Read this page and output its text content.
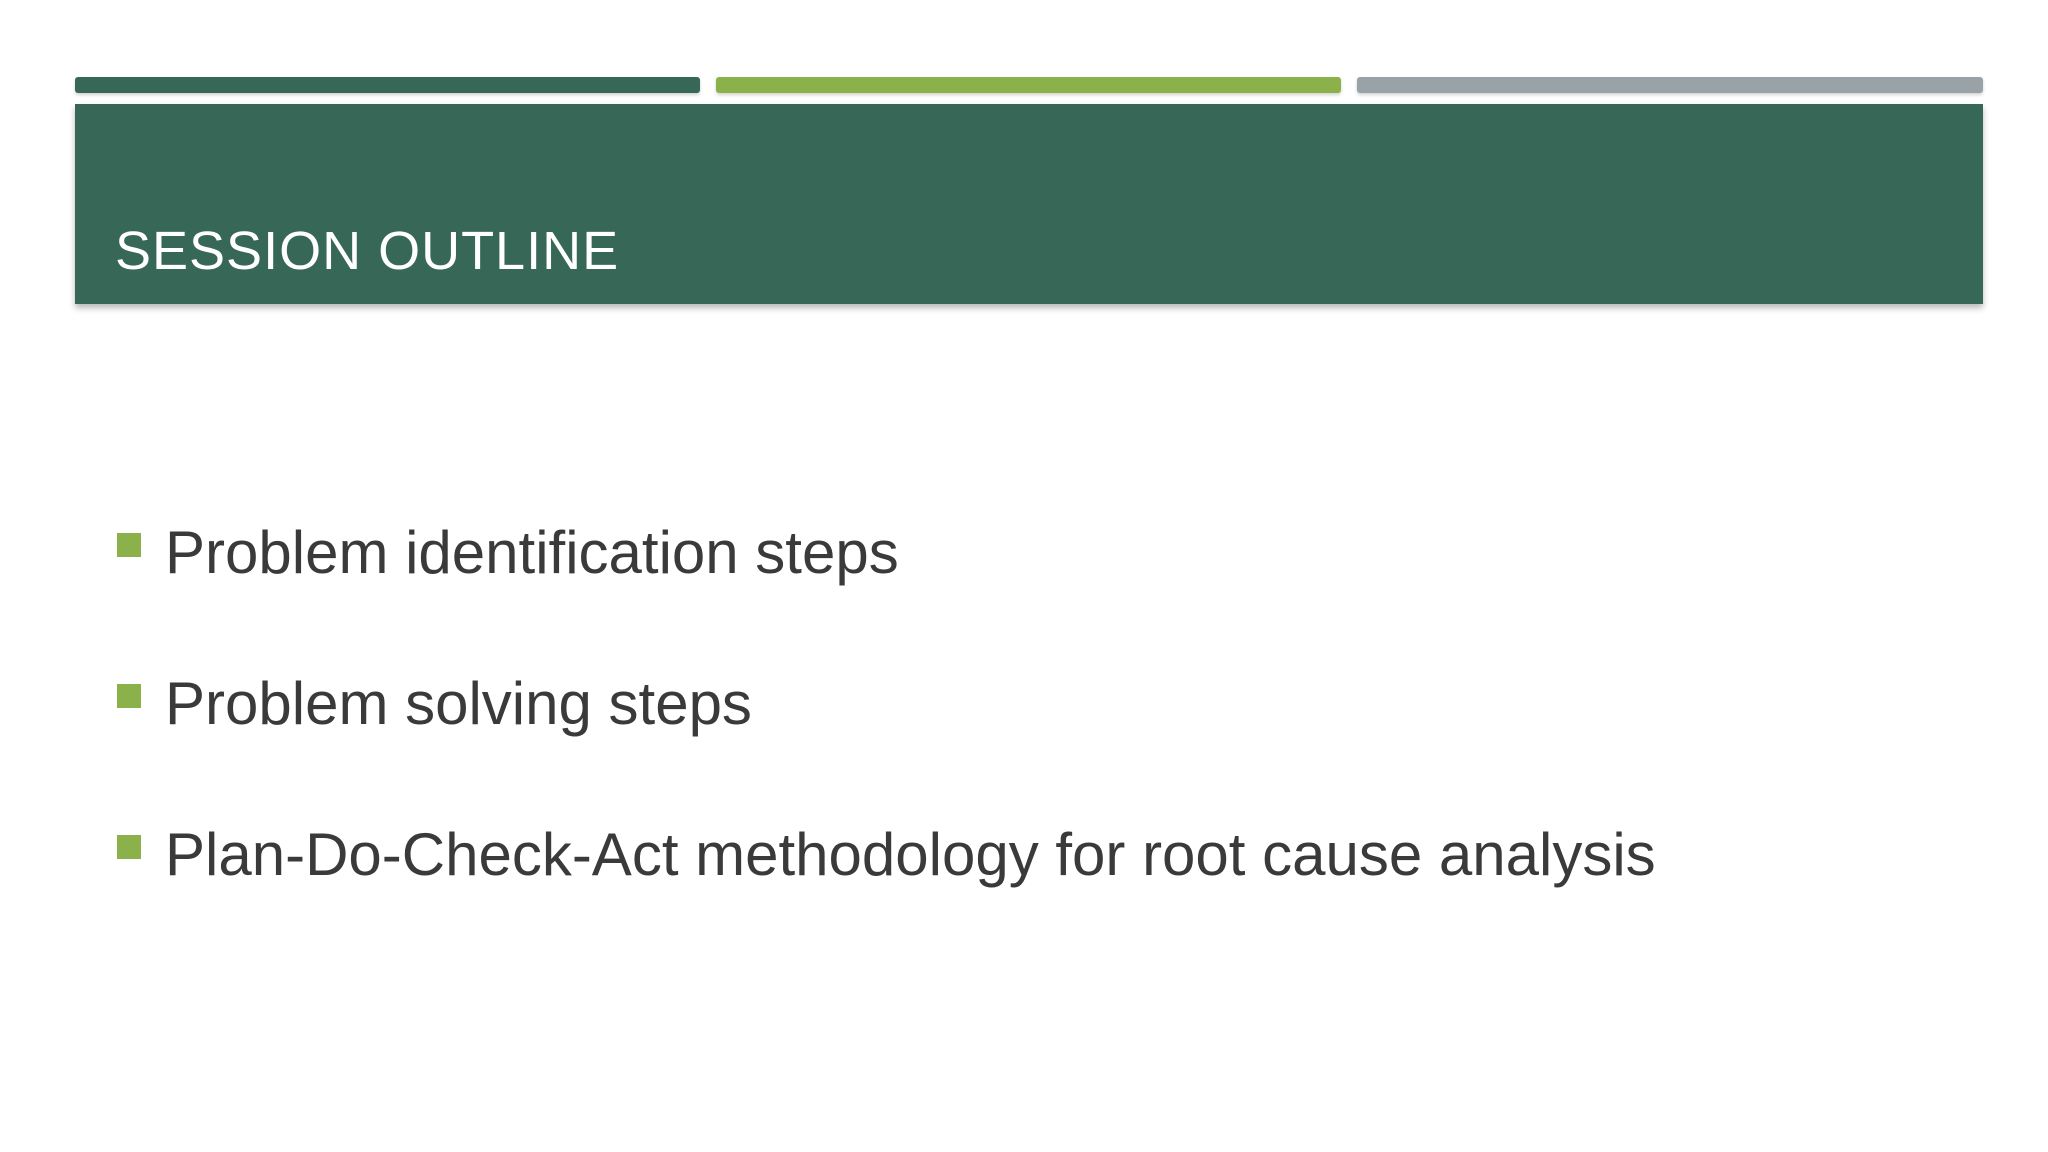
SESSION OUTLINE
Problem identification steps
Problem solving steps
Plan-Do-Check-Act methodology for root cause analysis
